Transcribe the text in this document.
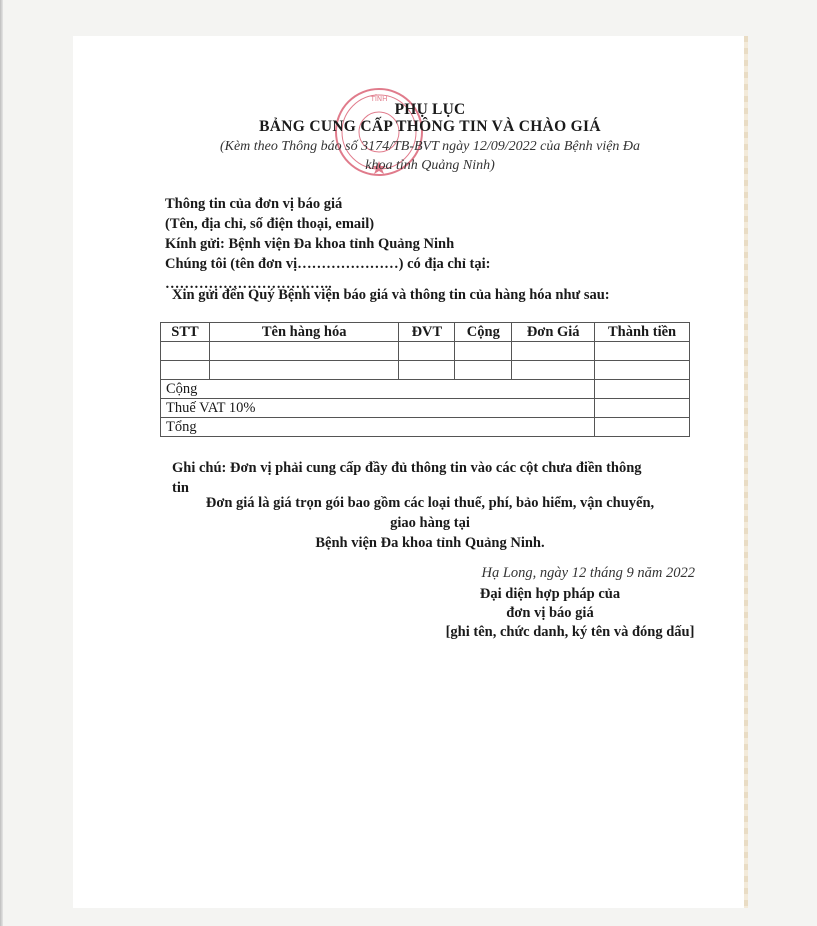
TỈNH
PHỤ LỤC
BẢNG CUNG CẤP THÔNG TIN VÀ CHÀO GIÁ
(Kèm theo Thông báo số 3174/TB-BVT ngày 12/09/2022 của Bệnh viện Đa
khoa tỉnh Quảng Ninh)
Thông tin của đơn vị báo giá
(Tên, địa chỉ, số điện thoại, email)
Kính gửi: Bệnh viện Đa khoa tỉnh Quảng Ninh
Chúng tôi (tên đơn vị…………………) có địa chỉ tại:
……………………………..
Xin gửi đến Quý Bệnh viện báo giá và thông tin của hàng hóa như sau:
STT	Tên hàng hóa	ĐVT	Cộng	Đơn Giá	Thành tiền

Cộng					
Thuế VAT 10%					
Tổng					
Ghi chú: Đơn vị phải cung cấp đầy đủ thông tin vào các cột chưa điền thông
tin
Đơn giá là giá trọn gói bao gồm các loại thuế, phí, bảo hiểm, vận chuyển,
giao hàng tại
Bệnh viện Đa khoa tỉnh Quảng Ninh.
Hạ Long, ngày 12 tháng 9 năm 2022
Đại diện hợp pháp của
đơn vị báo giá
[ghi tên, chức danh, ký tên và đóng dấu]
